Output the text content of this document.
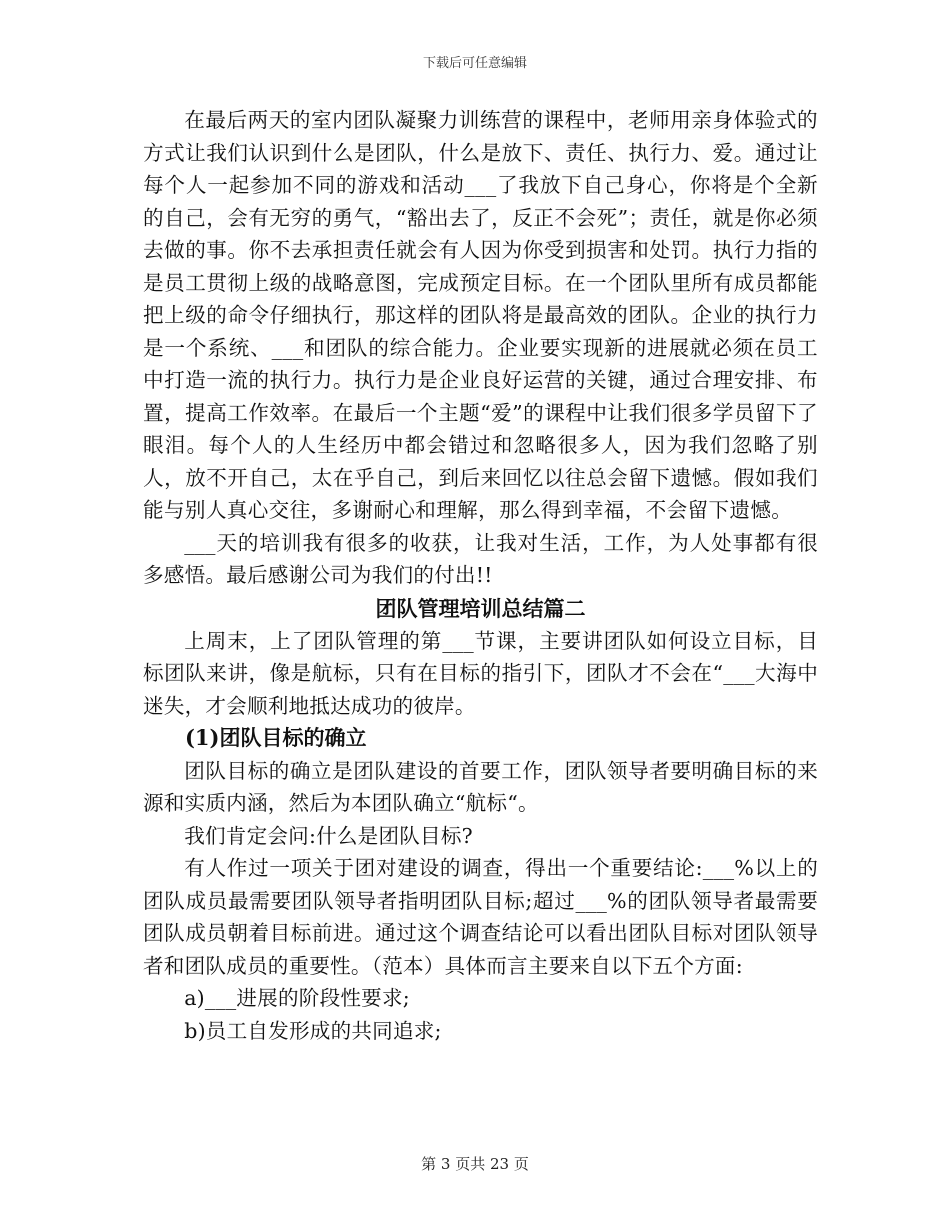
下载后可任意编辑

在最后两天的室内团队凝聚力训练营的课程中，老师用亲身体验式的方式让我们认识到什么是团队，什么是放下、责任、执行力、爱。通过让每个人一起参加不同的游戏和活动___了我放下自己身心，你将是个全新的自己，会有无穷的勇气，“豁出去了，反正不会死”；责任，就是你必须去做的事。你不去承担责任就会有人因为你受到损害和处罚。执行力指的是员工贯彻上级的战略意图，完成预定目标。在一个团队里所有成员都能把上级的命令仔细执行，那这样的团队将是最高效的团队。企业的执行力是一个系统、___和团队的综合能力。企业要实现新的进展就必须在员工中打造一流的执行力。执行力是企业良好运营的关键，通过合理安排、布置，提高工作效率。在最后一个主题“爱”的课程中让我们很多学员留下了眼泪。每个人的人生经历中都会错过和忽略很多人，因为我们忽略了别人，放不开自己，太在乎自己，到后来回忆以往总会留下遗憾。假如我们能与别人真心交往，多谢耐心和理解，那么得到幸福，不会留下遗憾。

___天的培训我有很多的收获，让我对生活，工作，为人处事都有很多感悟。最后感谢公司为我们的付出!!

团队管理培训总结篇二

上周末，上了团队管理的第___节课，主要讲团队如何设立目标，目标团队来讲，像是航标，只有在目标的指引下，团队才不会在“___大海中迷失，才会顺利地抵达成功的彼岸。

(1)团队目标的确立

团队目标的确立是团队建设的首要工作，团队领导者要明确目标的来源和实质内涵，然后为本团队确立“航标“。

我们肯定会问:什么是团队目标?

有人作过一项关于团对建设的调查，得出一个重要结论:___%以上的团队成员最需要团队领导者指明团队目标;超过___%的团队领导者最需要团队成员朝着目标前进。通过这个调查结论可以看出团队目标对团队领导者和团队成员的重要性。（范本）具体而言主要来自以下五个方面:

a)___进展的阶段性要求;

b)员工自发形成的共同追求;

第 3 页共 23 页
